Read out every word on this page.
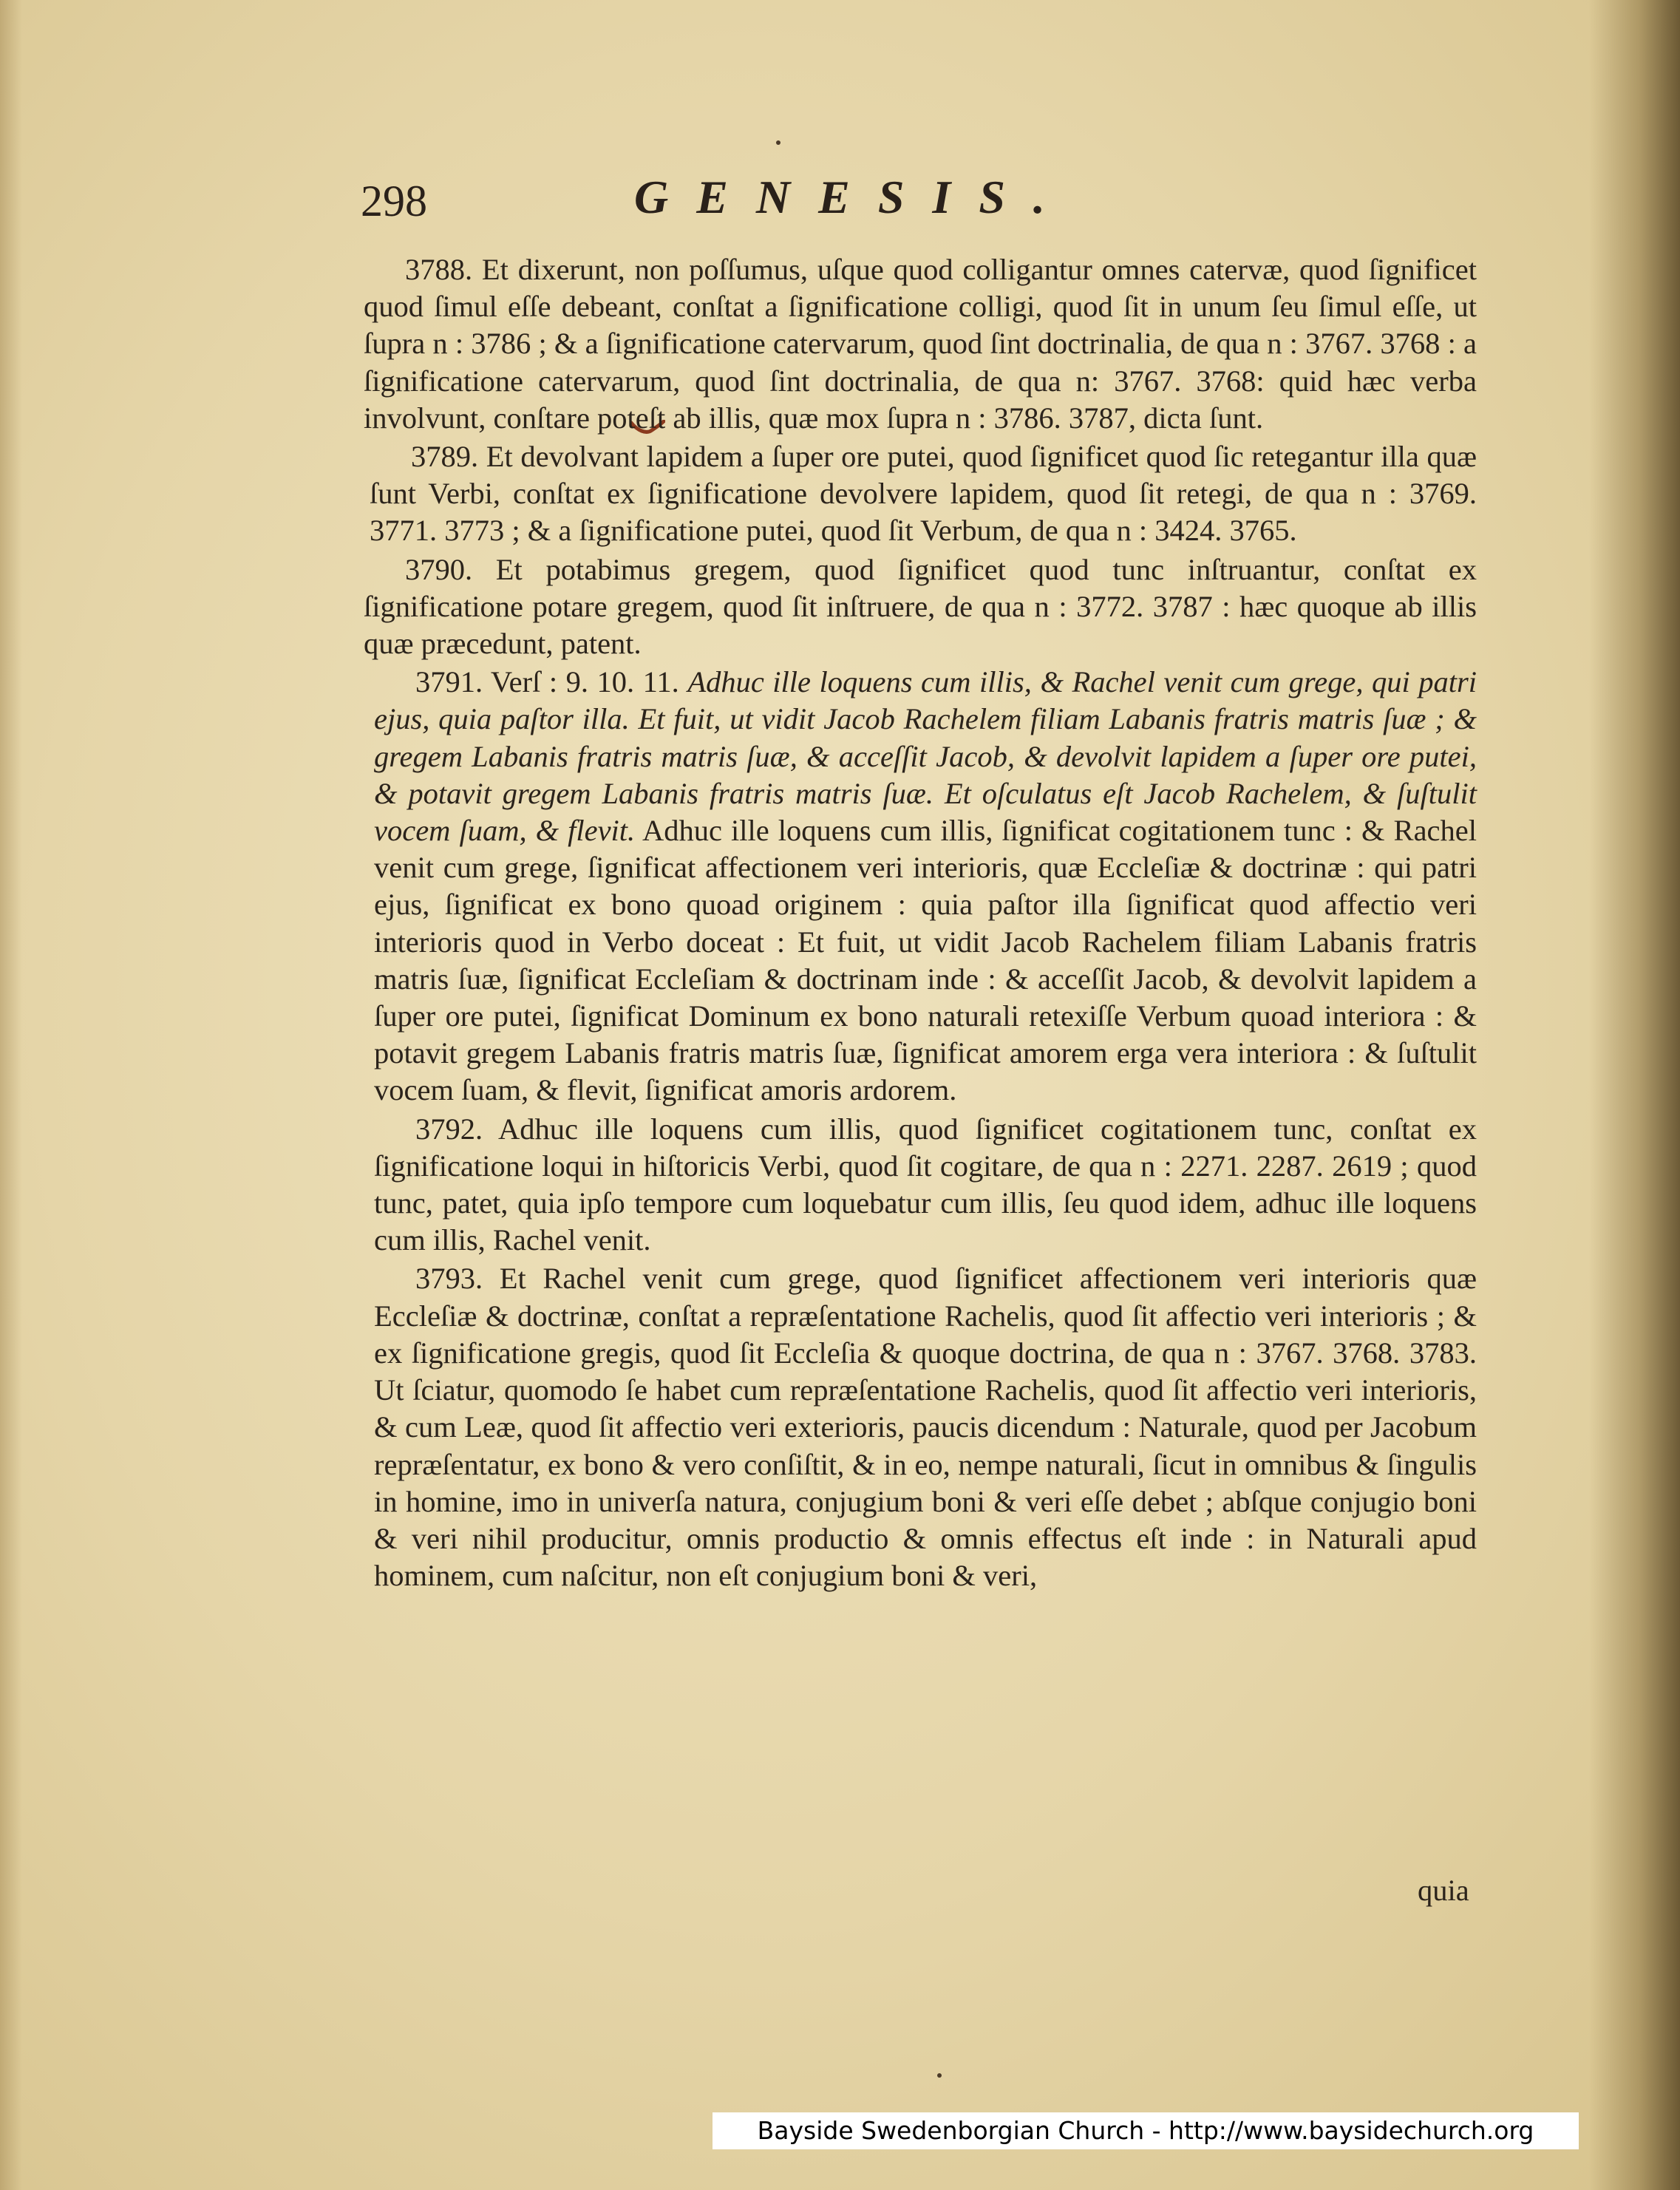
298	GENESIS.

3788. Et dixerunt, non poſſumus, uſque quod colligantur omnes catervæ, quod ſignificet quod ſimul eſſe debeant, conſtat a ſignificatione colligi, quod ſit in unum ſeu ſimul eſſe, ut ſupra n : 3786 ; & a ſignificatione catervarum, quod ſint doctrinalia, de qua n : 3767. 3768 : a ſignificatione catervarum, quod ſint doctrinalia, de qua n: 3767. 3768: quid hæc verba involvunt, conſtare poteſt ab illis, quæ mox ſupra n : 3786. 3787, dicta ſunt.

3789. Et devolvant lapidem a ſuper ore putei, quod ſignificet quod ſic retegantur illa quæ ſunt Verbi, conſtat ex ſignificatione devolvere lapidem, quod ſit retegi, de qua n : 3769. 3771. 3773 ; & a ſignificatione putei, quod ſit Verbum, de qua n : 3424. 3765.

3790. Et potabimus gregem, quod ſignificet quod tunc inſtruantur, conſtat ex ſignificatione potare gregem, quod ſit inſtruere, de qua n : 3772. 3787 : hæc quoque ab illis quæ præcedunt, patent.

3791. Verſ : 9. 10. 11. Adhuc ille loquens cum illis, & Rachel venit cum grege, qui patri ejus, quia paſtor illa. Et fuit, ut vidit Jacob Rachelem filiam Labanis fratris matris ſuæ ; & gregem Labanis fratris matris ſuæ, & acceſſit Jacob, & devolvit lapidem a ſuper ore putei, & potavit gregem Labanis fratris matris ſuæ. Et oſculatus eſt Jacob Rachelem, & ſuſtulit vocem ſuam, & flevit. Adhuc ille loquens cum illis, ſignificat cogitationem tunc : & Rachel venit cum grege, ſignificat affectionem veri interioris, quæ Eccleſiæ & doctrinæ : qui patri ejus, ſignificat ex bono quoad originem : quia paſtor illa ſignificat quod affectio veri interioris quod in Verbo doceat : Et fuit, ut vidit Jacob Rachelem filiam Labanis fratris matris ſuæ, ſignificat Eccleſiam & doctrinam inde : & acceſſit Jacob, & devolvit lapidem a ſuper ore putei, ſignificat Dominum ex bono naturali retexiſſe Verbum quoad interiora : & potavit gregem Labanis fratris matris ſuæ, ſignificat amorem erga vera interiora : & ſuſtulit vocem ſuam, & flevit, ſignificat amoris ardorem.

3792. Adhuc ille loquens cum illis, quod ſignificet cogitationem tunc, conſtat ex ſignificatione loqui in hiſtoricis Verbi, quod ſit cogitare, de qua n : 2271. 2287. 2619 ; quod tunc, patet, quia ipſo tempore cum loquebatur cum illis, ſeu quod idem, adhuc ille loquens cum illis, Rachel venit.

3793. Et Rachel venit cum grege, quod ſignificet affectionem veri interioris quæ Eccleſiæ & doctrinæ, conſtat a repræſentatione Rachelis, quod ſit affectio veri interioris ; & ex ſignificatione gregis, quod ſit Eccleſia & quoque doctrina, de qua n : 3767. 3768. 3783. Ut ſciatur, quomodo ſe habet cum repræſentatione Rachelis, quod ſit affectio veri interioris, & cum Leæ, quod ſit affectio veri exterioris, paucis dicendum : Naturale, quod per Jacobum repræſentatur, ex bono & vero conſiſtit, & in eo, nempe naturali, ſicut in omnibus & ſingulis in homine, imo in univerſa natura, conjugium boni & veri eſſe debet ; abſque conjugio boni & veri nihil producitur, omnis productio & omnis effectus eſt inde : in Naturali apud hominem, cum naſcitur, non eſt conjugium boni & veri,

quia
Bayside Swedenborgian Church - http://www.baysidechurch.org
